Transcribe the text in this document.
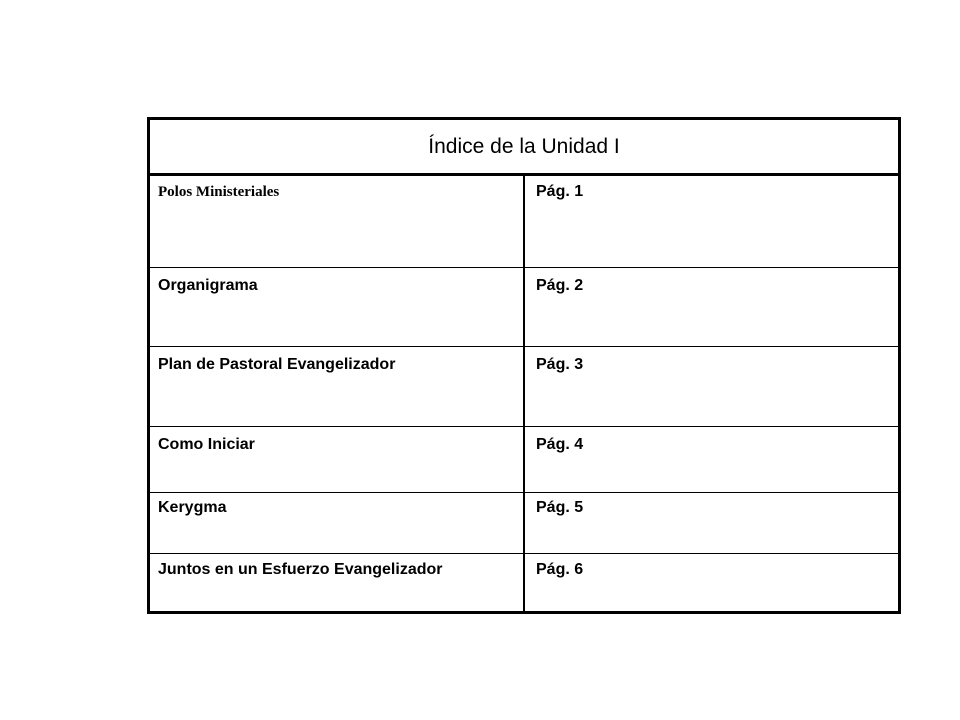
Índice de la Unidad I
Polos Ministeriales	Pág. 1
Organigrama	Pág. 2
Plan de Pastoral Evangelizador	Pág. 3
Como Iniciar	Pág. 4
Kerygma	Pág. 5
Juntos en un Esfuerzo Evangelizador	Pág. 6
